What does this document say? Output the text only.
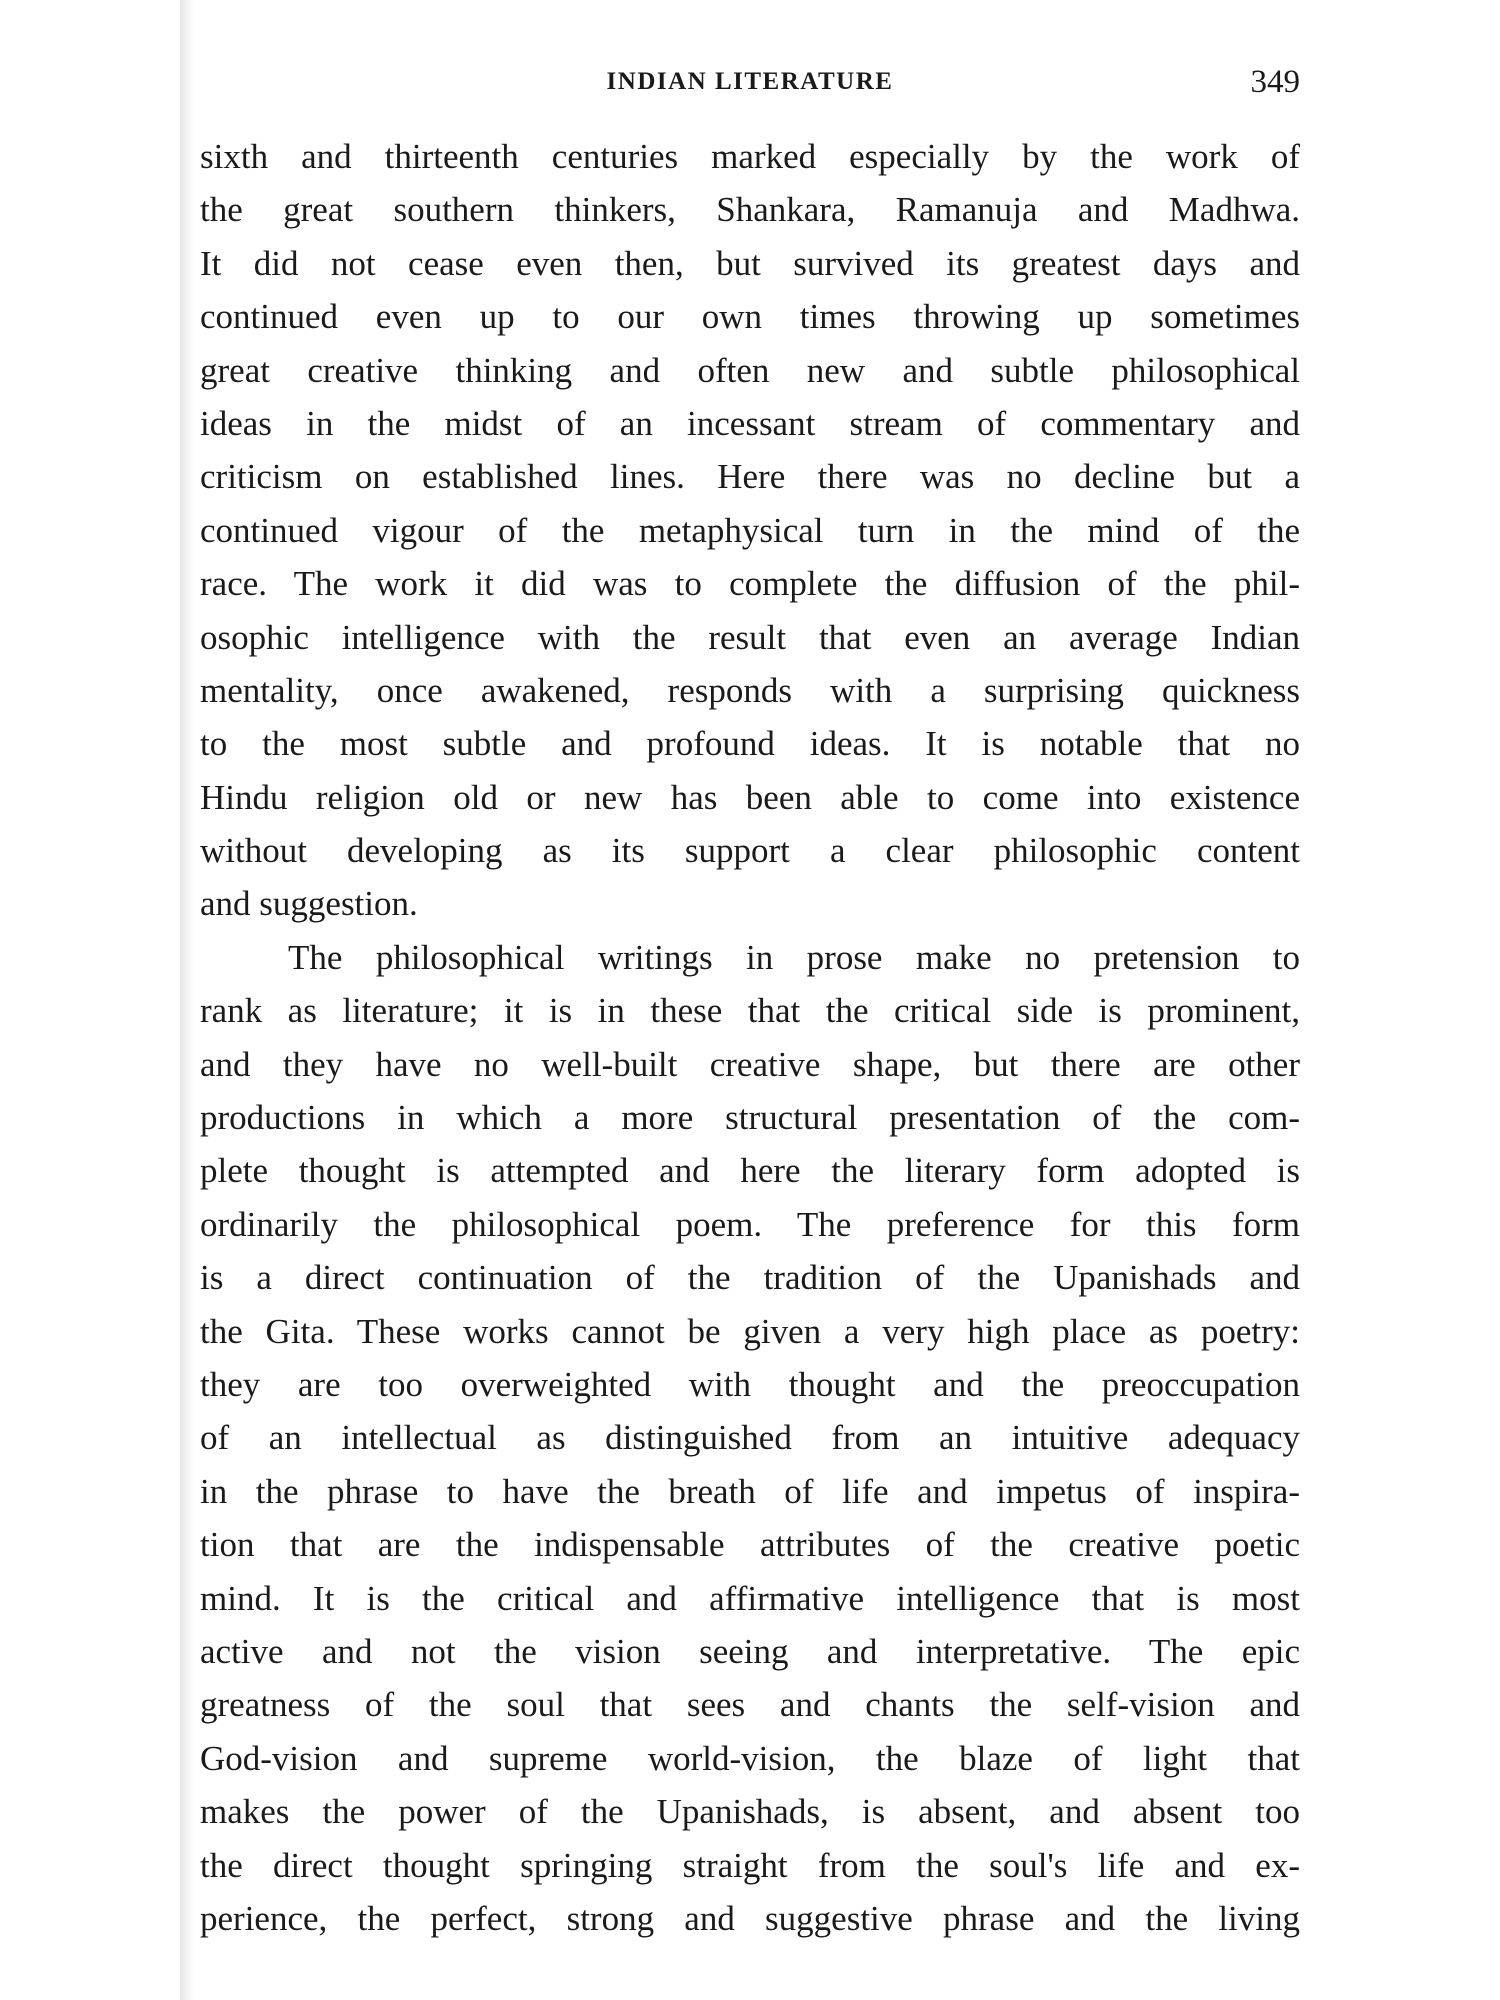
INDIAN LITERATURE	349
sixth and thirteenth centuries marked especially by the work of
the great southern thinkers, Shankara, Ramanuja and Madhwa.
It did not cease even then, but survived its greatest days and
continued even up to our own times throwing up sometimes
great creative thinking and often new and subtle philosophical
ideas in the midst of an incessant stream of commentary and
criticism on established lines. Here there was no decline but a
continued vigour of the metaphysical turn in the mind of the
race. The work it did was to complete the diffusion of the phil-
osophic intelligence with the result that even an average Indian
mentality, once awakened, responds with a surprising quickness
to the most subtle and profound ideas. It is notable that no
Hindu religion old or new has been able to come into existence
without developing as its support a clear philosophic content
and suggestion.
The philosophical writings in prose make no pretension to
rank as literature; it is in these that the critical side is prominent,
and they have no well-built creative shape, but there are other
productions in which a more structural presentation of the com-
plete thought is attempted and here the literary form adopted is
ordinarily the philosophical poem. The preference for this form
is a direct continuation of the tradition of the Upanishads and
the Gita. These works cannot be given a very high place as poetry:
they are too overweighted with thought and the preoccupation
of an intellectual as distinguished from an intuitive adequacy
in the phrase to have the breath of life and impetus of inspira-
tion that are the indispensable attributes of the creative poetic
mind. It is the critical and affirmative intelligence that is most
active and not the vision seeing and interpretative. The epic
greatness of the soul that sees and chants the self-vision and
God-vision and supreme world-vision, the blaze of light that
makes the power of the Upanishads, is absent, and absent too
the direct thought springing straight from the soul's life and ex-
perience, the perfect, strong and suggestive phrase and the living
